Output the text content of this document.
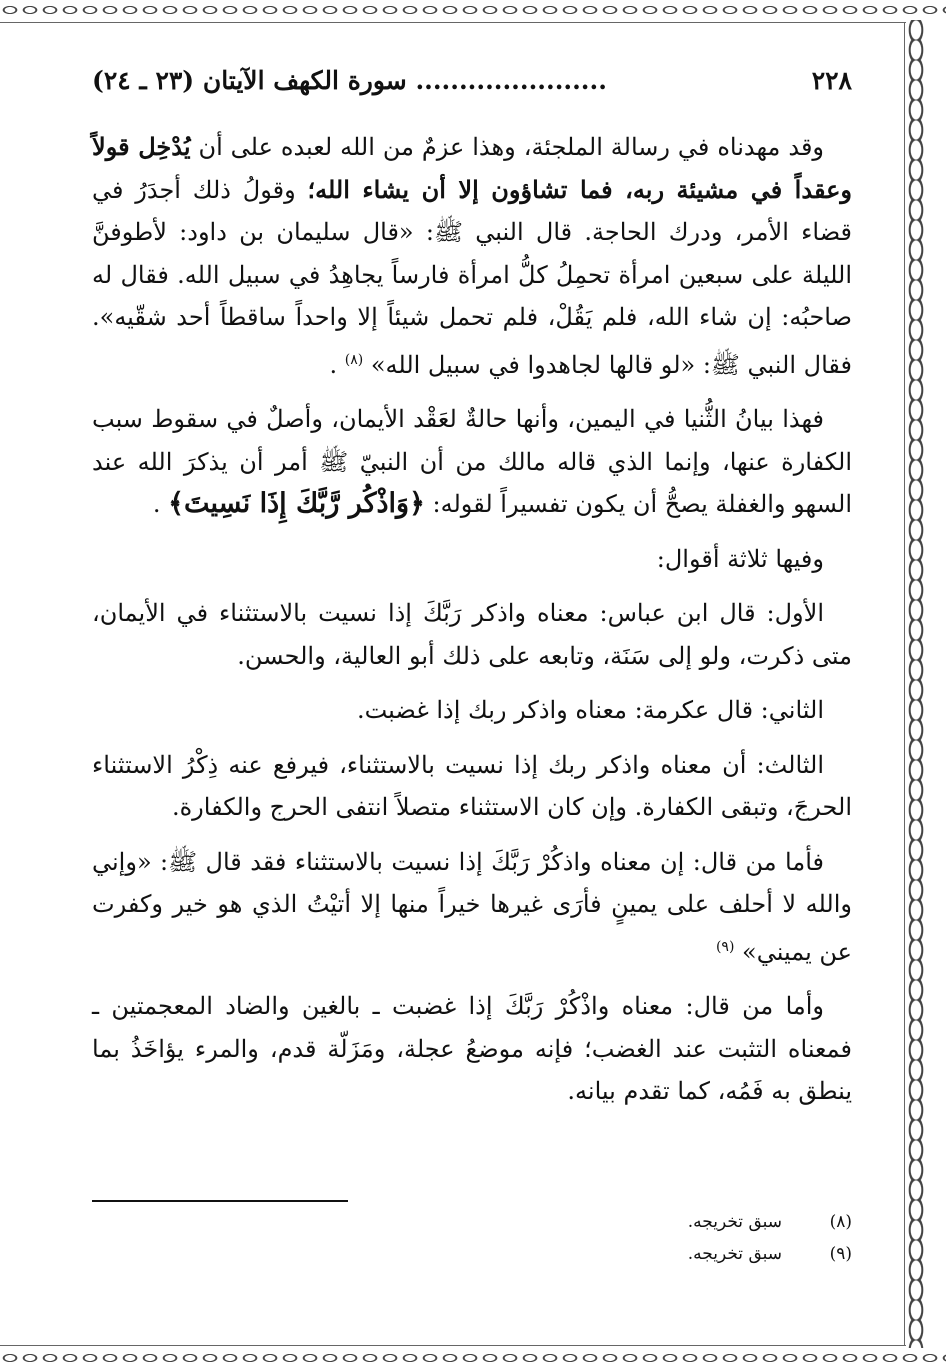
٢٢٨
...................... سورة الكهف الآيتان (٢٣ ـ ٢٤)

وقد مهدناه في رسالة الملجئة، وهذا عزمٌ من الله لعبده على أن يُدْخِل قولاً وعقداً في مشيئة ربه، فما تشاؤون إلا أن يشاء الله؛ وقولُ ذلك أجدَرُ في قضاء الأمر، ودرك الحاجة. قال النبي ﷺ: «قال سليمان بن داود: لأطوفنَّ الليلة على سبعين امرأة تحمِلُ كلُّ امرأة فارساً يجاهِدُ في سبيل الله. فقال له صاحبُه: إن شاء الله، فلم يَقُلْ، فلم تحمل شيئاً إلا واحداً ساقطاً أحد شقّيه». فقال النبي ﷺ: «لو قالها لجاهدوا في سبيل الله» $^{(٨)}$ .

فهذا بيانُ الثُّنيا في اليمين، وأنها حالةٌ لعَقْد الأيمان، وأصلٌ في سقوط سبب الكفارة عنها، وإنما الذي قاله مالك من أن النبيّ ﷺ أمر أن يذكرَ الله عند السهو والغفلة يصحُّ أن يكون تفسيراً لقوله: ﴿وَاذْكُر رَّبَّكَ إِذَا نَسِيتَ﴾ .

وفيها ثلاثة أقوال:

الأول: قال ابن عباس: معناه واذكر رَبَّكَ إذا نسيت بالاستثناء في الأيمان، متى ذكرت، ولو إلى سَنَة، وتابعه على ذلك أبو العالية، والحسن.

الثاني: قال عكرمة: معناه واذكر ربك إذا غضبت.

الثالث: أن معناه واذكر ربك إذا نسيت بالاستثناء، فيرفع عنه ذِكْرُ الاستثناء الحرجَ، وتبقى الكفارة. وإن كان الاستثناء متصلاً انتفى الحرج والكفارة.

فأما من قال: إن معناه واذكُرْ رَبَّكَ إذا نسيت بالاستثناء فقد قال ﷺ: «وإني والله لا أحلف على يمينٍ فأرَى غيرها خيراً منها إلا أتيْتُ الذي هو خير وكفرت عن يميني» $^{(٩)}$

وأما من قال: معناه واذْكُرْ رَبَّكَ إذا غضبت ـ بالغين والضاد المعجمتين ـ فمعناه التثبت عند الغضب؛ فإنه موضعُ عجلة، ومَزَلّة قدم، والمرء يؤاخَذُ بما ينطق به فَمُه، كما تقدم بيانه.

(٨)
سبق تخريجه.
(٩)
سبق تخريجه.
